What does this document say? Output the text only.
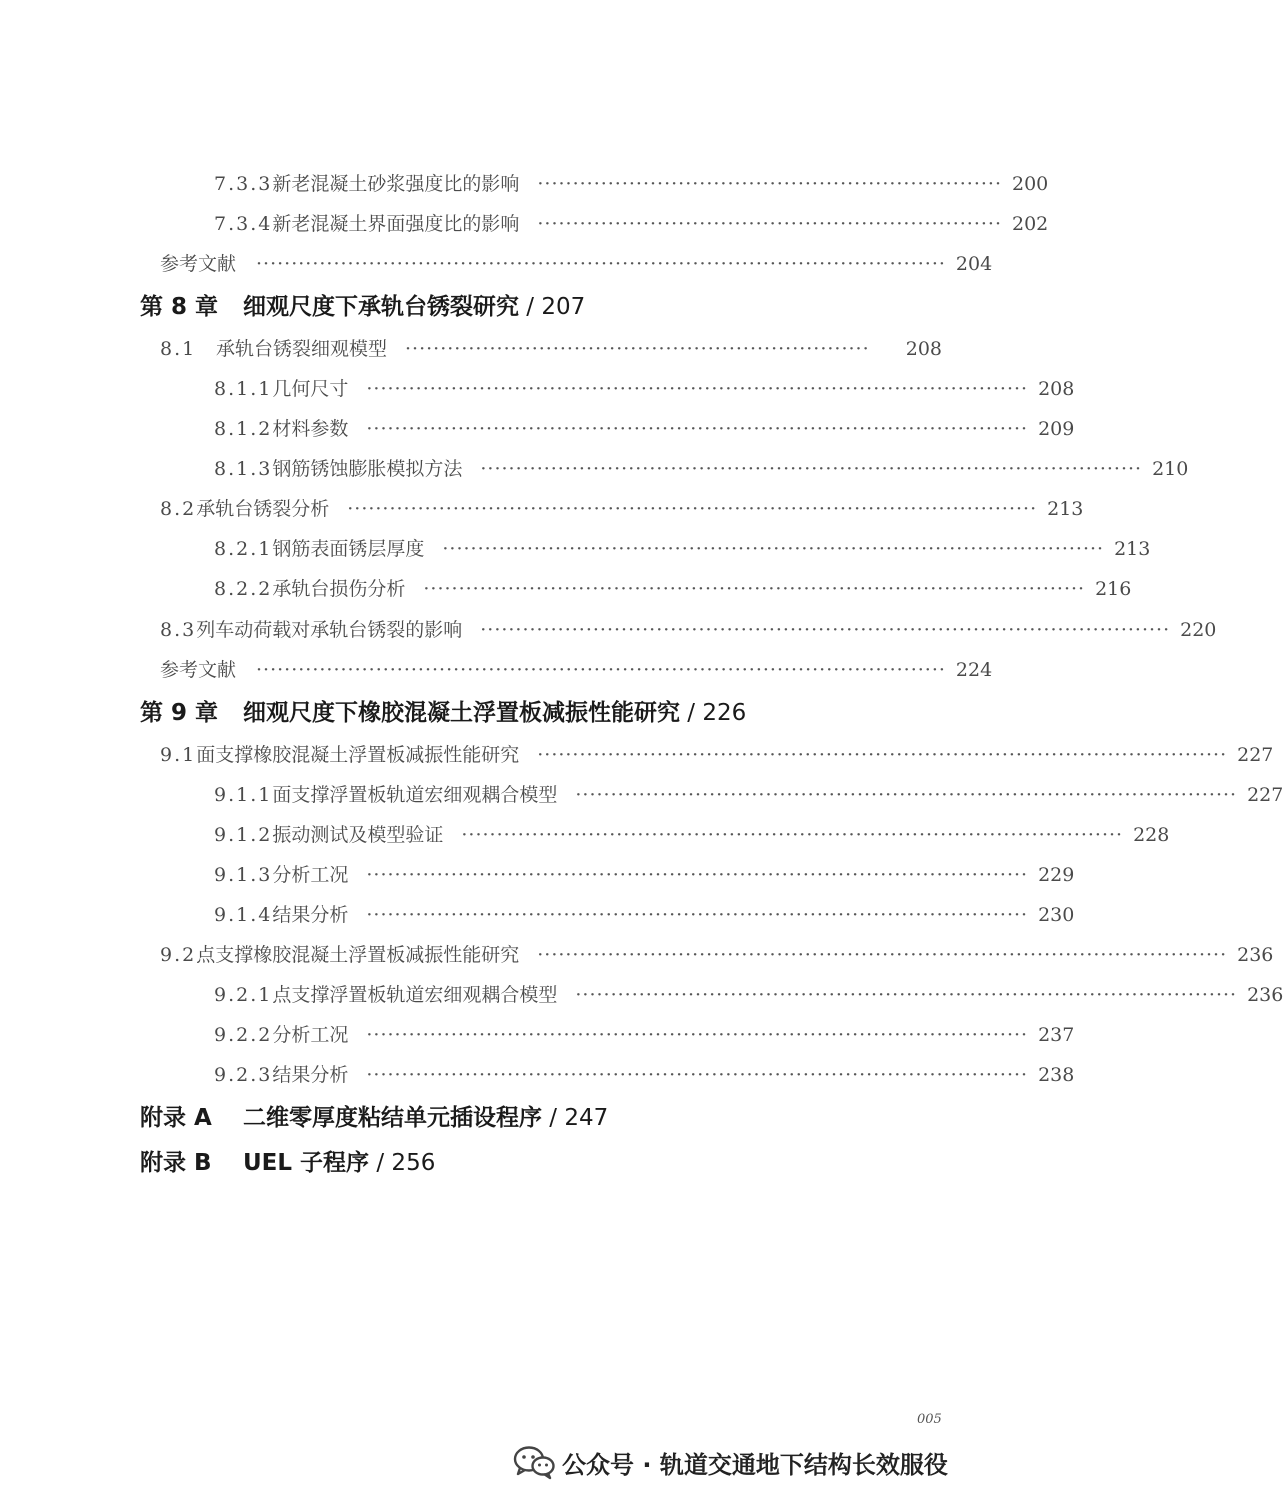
7.3.3 新老混凝土砂浆强度比的影响 ·································································· 200
7.3.4 新老混凝土界面强度比的影响 ·································································· 202
参考文献 ·································································································· 204
第 8 章 细观尺度下承轨台锈裂研究 / 207
8.1	承轨台锈裂细观模型 ··································································	208
8.1.1 几何尺寸 ······························································································ 208
8.1.2 材料参数 ······························································································ 209
8.1.3 钢筋锈蚀膨胀模拟方法 ······························································································ 210
8.2 承轨台锈裂分析 ·································································································· 213
8.2.1 钢筋表面锈层厚度 ······························································································ 213
8.2.2 承轨台损伤分析 ······························································································ 216
8.3 列车动荷载对承轨台锈裂的影响 ·································································································· 220
参考文献 ·································································································· 224
第 9 章 细观尺度下橡胶混凝土浮置板减振性能研究 / 226
9.1 面支撑橡胶混凝土浮置板减振性能研究 ·································································································· 227
9.1.1 面支撑浮置板轨道宏细观耦合模型 ······························································································ 227
9.1.2 振动测试及模型验证 ······························································································ 228
9.1.3 分析工况 ······························································································ 229
9.1.4 结果分析 ······························································································ 230
9.2 点支撑橡胶混凝土浮置板减振性能研究 ·································································································· 236
9.2.1 点支撑浮置板轨道宏细观耦合模型 ······························································································ 236
9.2.2 分析工况 ······························································································ 237
9.2.3 结果分析 ······························································································ 238
附录 A 二维零厚度粘结单元插设程序 / 247
附录 B UEL 子程序 / 256
005
公众号 · 轨道交通地下结构长效服役
